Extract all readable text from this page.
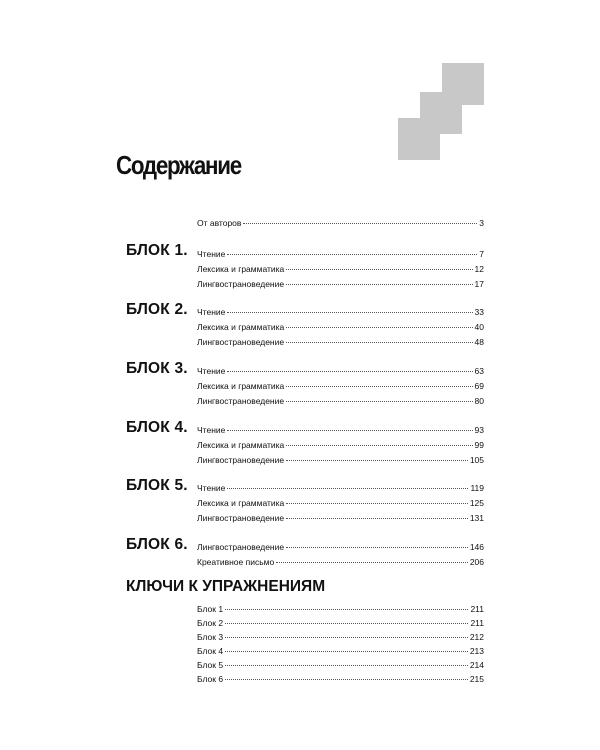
Содержание
От авторов	3
БЛОК 1. Чтение	7
Лексика и грамматика	12
Лингвострановедение	17
БЛОК 2. Чтение	33
Лексика и грамматика	40
Лингвострановедение	48
БЛОК 3. Чтение	63
Лексика и грамматика	69
Лингвострановедение	80
БЛОК 4. Чтение	93
Лексика и грамматика	99
Лингвострановедение	105
БЛОК 5. Чтение	119
Лексика и грамматика	125
Лингвострановедение	131
БЛОК 6. Лингвострановедение	146
Креативное письмо	206
КЛЮЧИ К УПРАЖНЕНИЯМ
Блок 1	211
Блок 2	211
Блок 3	212
Блок 4	213
Блок 5	214
Блок 6	215
